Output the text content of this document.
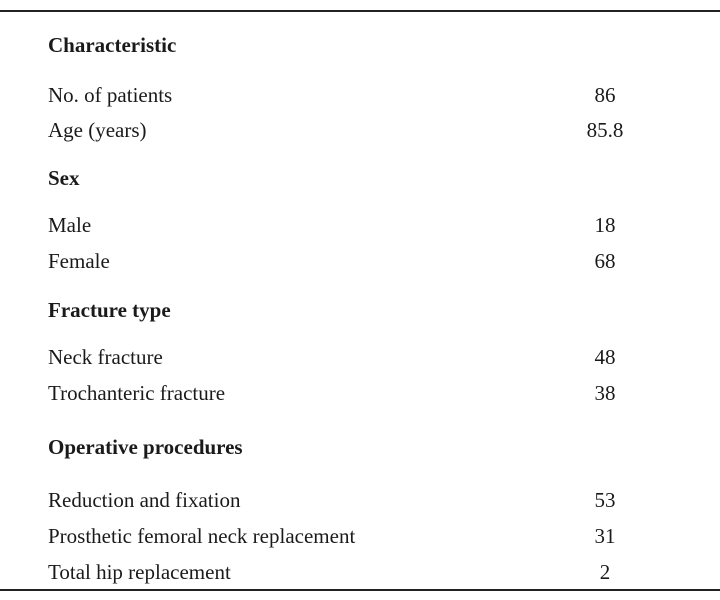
Characteristic
No. of patients	86
Age (years)	85.8
Sex
Male	18
Female	68
Fracture type
Neck fracture	48
Trochanteric fracture	38
Operative procedures
Reduction and fixation	53
Prosthetic femoral neck replacement	31
Total hip replacement	2
